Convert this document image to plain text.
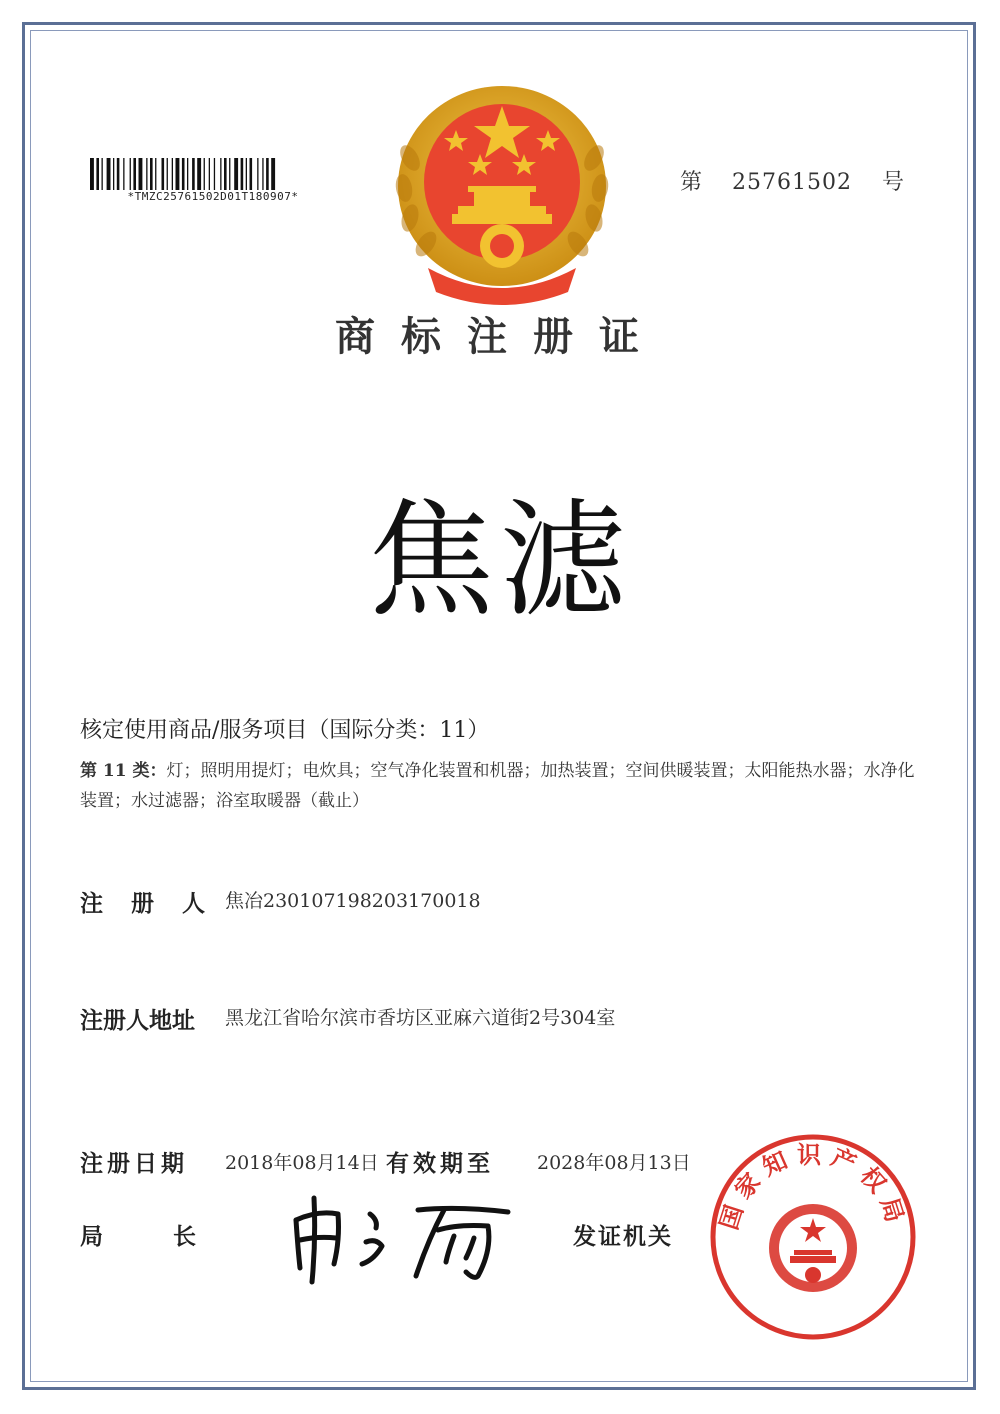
*TMZC25761502D01T180907*
第 25761502 号
商标注册证
焦滤
核定使用商品/服务项目（国际分类：11）
第 11 类：灯；照明用提灯；电炊具；空气净化装置和机器；加热装置；空间供暖装置；太阳能热水器；水净化装置；水过滤器；浴室取暖器（截止）
注册人
焦冶230107198203170018
注册人地址 黑龙江省哈尔滨市香坊区亚麻六道街2号304室
注册日期 2018年08月14日 有效期至 2028年08月13日
局长	发证机关
国家知识产权局
